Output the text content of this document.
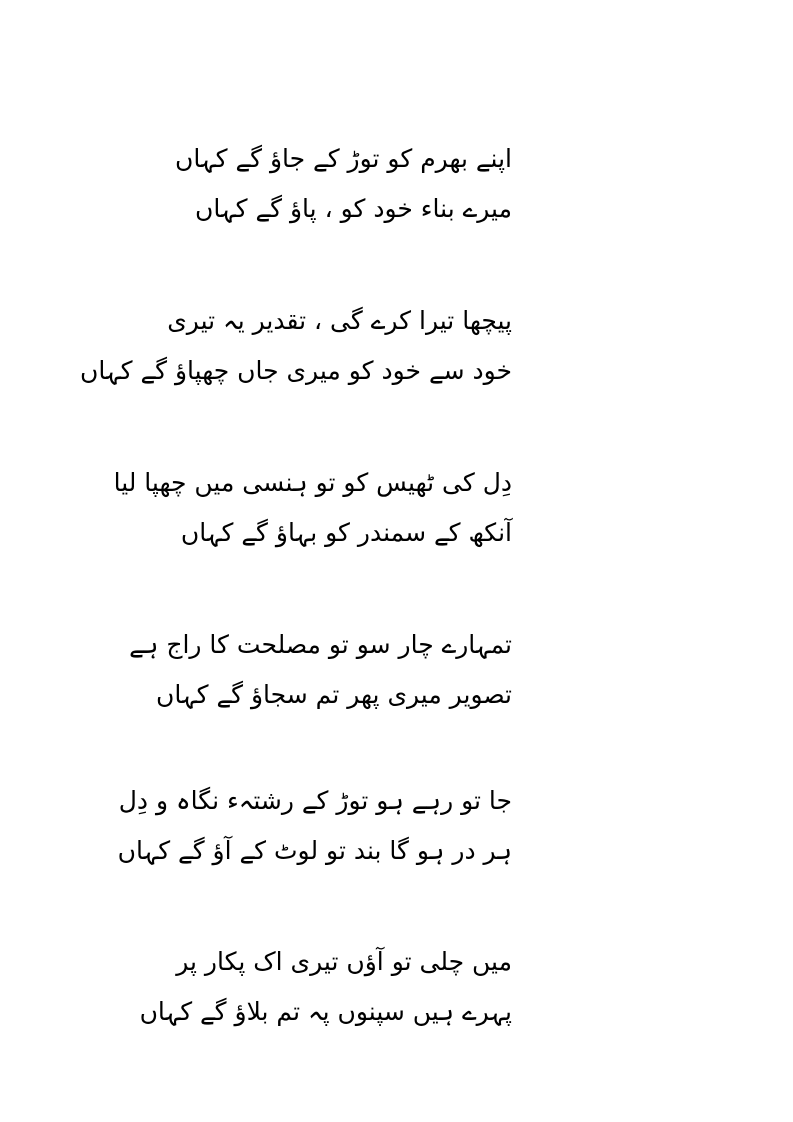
اپنے بھرم کو توڑ کے جاؤ گے کہاں
میرے بناء خود کو ، پاؤ گے کہاں
پیچھا تیرا کرے گی ، تقدیر یہ تیری
خود سے خود کو میری جاں چھپاؤ گے کہاں
دِل کی ٹھیس کو تو ہنسی میں چھپا لیا
آنکھ کے سمندر کو بہاؤ گے کہاں
تمہارے چار سو تو مصلحت کا راج ہے
تصویر میری پھر تم سجاؤ گے کہاں
جا تو رہے ہو توڑ کے رشتہء نگاہ و دِل
ہر در ہو گا بند تو لوٹ کے آؤ گے کہاں
میں چلی تو آؤں تیری اک پکار پر
پہرے ہیں سپنوں پہ تم بلاؤ گے کہاں
